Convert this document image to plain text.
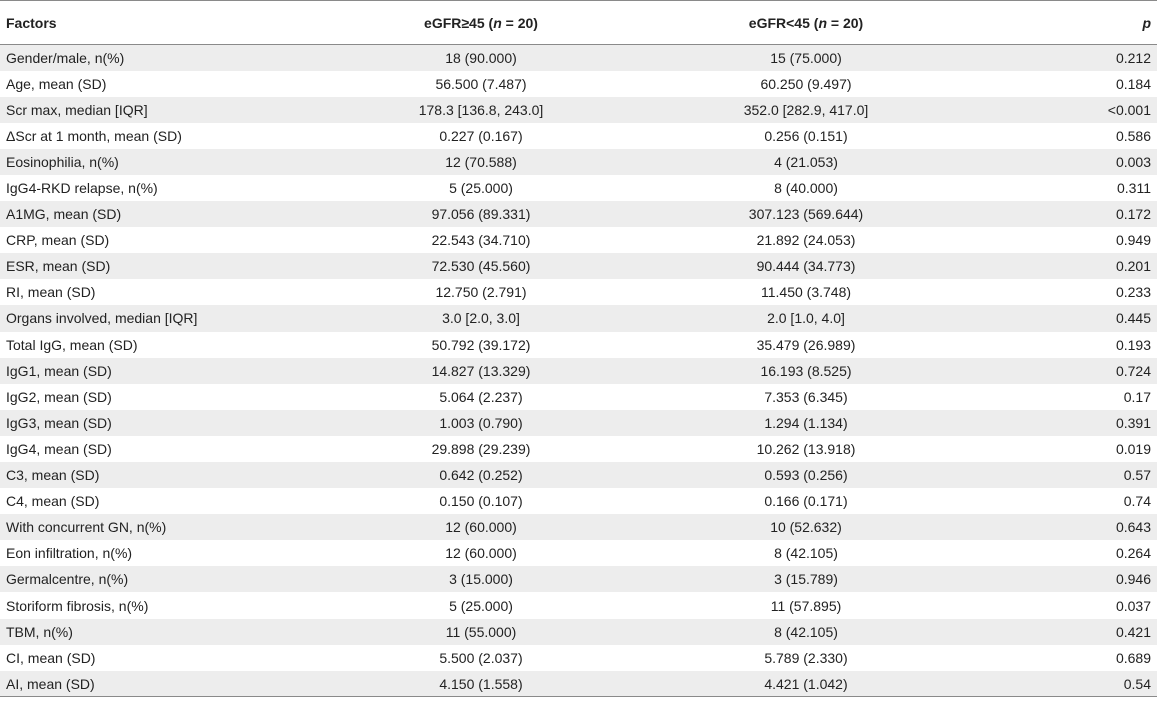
Factors	eGFR≥45 (n = 20)	eGFR<45 (n = 20)	p
Gender/male, n(%)	18 (90.000)	15 (75.000)	0.212
Age, mean (SD)	56.500 (7.487)	60.250 (9.497)	0.184
Scr max, median [IQR]	178.3 [136.8, 243.0]	352.0 [282.9, 417.0]	<0.001
ΔScr at 1 month, mean (SD)	0.227 (0.167)	0.256 (0.151)	0.586
Eosinophilia, n(%)	12 (70.588)	4 (21.053)	0.003
IgG4-RKD relapse, n(%)	5 (25.000)	8 (40.000)	0.311
A1MG, mean (SD)	97.056 (89.331)	307.123 (569.644)	0.172
CRP, mean (SD)	22.543 (34.710)	21.892 (24.053)	0.949
ESR, mean (SD)	72.530 (45.560)	90.444 (34.773)	0.201
RI, mean (SD)	12.750 (2.791)	11.450 (3.748)	0.233
Organs involved, median [IQR]	3.0 [2.0, 3.0]	2.0 [1.0, 4.0]	0.445
Total IgG, mean (SD)	50.792 (39.172)	35.479 (26.989)	0.193
IgG1, mean (SD)	14.827 (13.329)	16.193 (8.525)	0.724
IgG2, mean (SD)	5.064 (2.237)	7.353 (6.345)	0.17
IgG3, mean (SD)	1.003 (0.790)	1.294 (1.134)	0.391
IgG4, mean (SD)	29.898 (29.239)	10.262 (13.918)	0.019
C3, mean (SD)	0.642 (0.252)	0.593 (0.256)	0.57
C4, mean (SD)	0.150 (0.107)	0.166 (0.171)	0.74
With concurrent GN, n(%)	12 (60.000)	10 (52.632)	0.643
Eon infiltration, n(%)	12 (60.000)	8 (42.105)	0.264
Germalcentre, n(%)	3 (15.000)	3 (15.789)	0.946
Storiform fibrosis, n(%)	5 (25.000)	11 (57.895)	0.037
TBM, n(%)	11 (55.000)	8 (42.105)	0.421
CI, mean (SD)	5.500 (2.037)	5.789 (2.330)	0.689
AI, mean (SD)	4.150 (1.558)	4.421 (1.042)	0.54
